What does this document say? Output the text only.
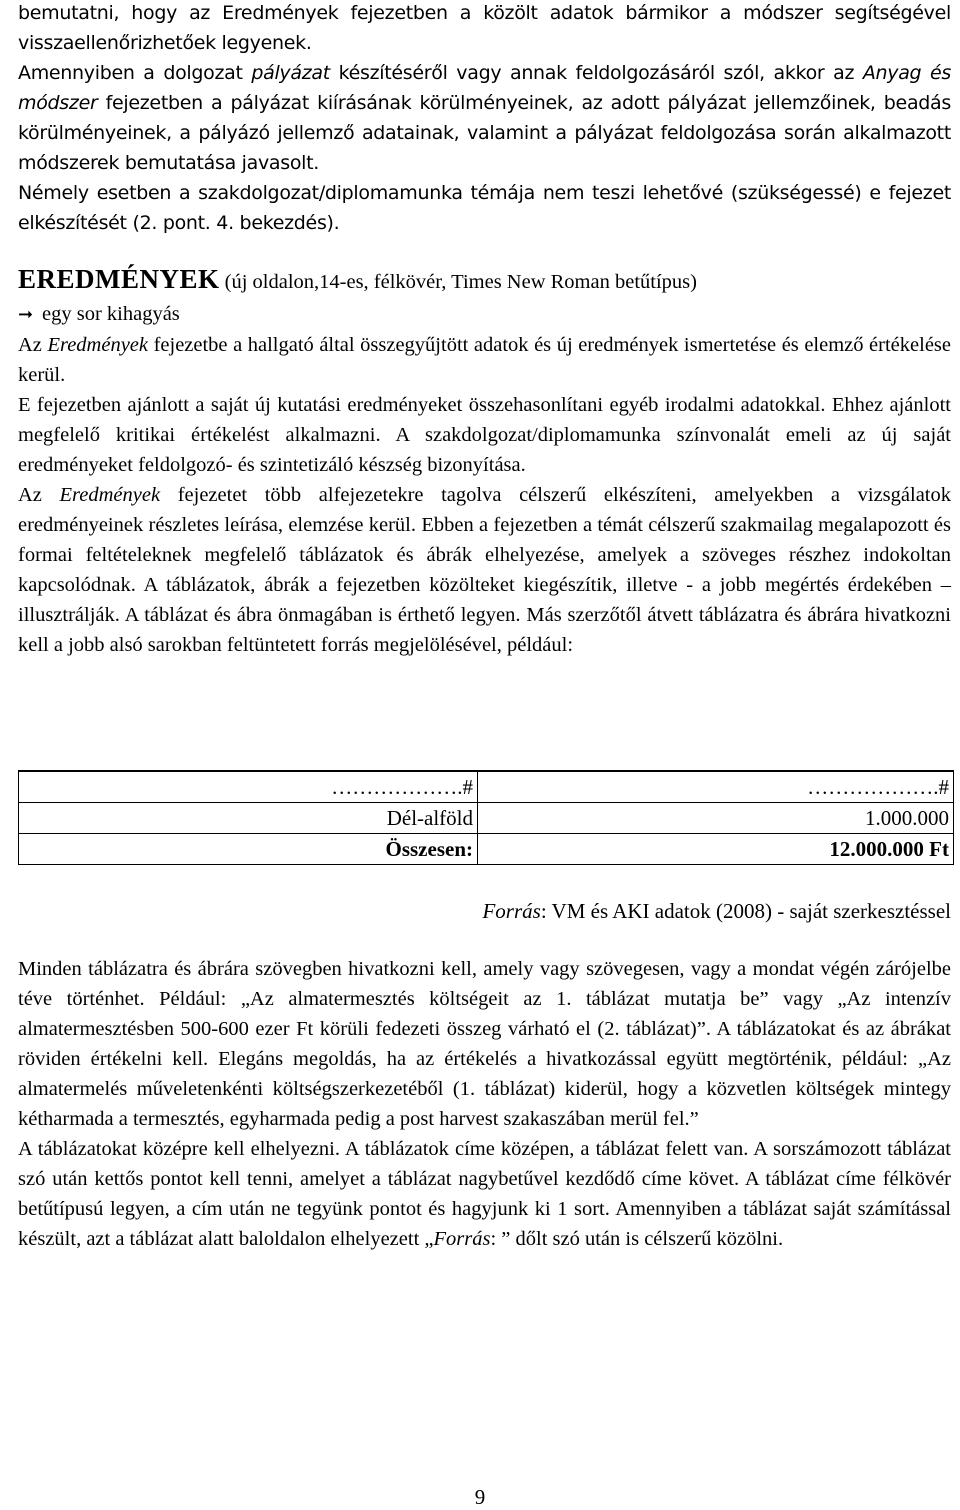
bemutatni, hogy az Eredmények fejezetben a közölt adatok bármikor a módszer segítségével visszaellenőrizhetőek legyenek.

Amennyiben a dolgozat pályázat készítéséről vagy annak feldolgozásáról szól, akkor az Anyag és módszer fejezetben a pályázat kiírásának körülményeinek, az adott pályázat jellemzőinek, beadás körülményeinek, a pályázó jellemző adatainak, valamint a pályázat feldolgozása során alkalmazott módszerek bemutatása javasolt.

Némely esetben a szakdolgozat/diplomamunka témája nem teszi lehetővé (szükségessé) e fejezet elkészítését (2. pont. 4. bekezdés).

EREDMÉNYEK (új oldalon,14-es, félkövér, Times New Roman betűtípus)
➞ egy sor kihagyás

Az Eredmények fejezetbe a hallgató által összegyűjtött adatok és új eredmények ismertetése és elemző értékelése kerül.

E fejezetben ajánlott a saját új kutatási eredményeket összehasonlítani egyéb irodalmi adatokkal. Ehhez ajánlott megfelelő kritikai értékelést alkalmazni. A szakdolgozat/diplomamunka színvonalát emeli az új saját eredményeket feldolgozó- és szintetizáló készség bizonyítása.

Az Eredmények fejezetet több alfejezetekre tagolva célszerű elkészíteni, amelyekben a vizsgálatok eredményeinek részletes leírása, elemzése kerül. Ebben a fejezetben a témát célszerű szakmailag megalapozott és formai feltételeknek megfelelő táblázatok és ábrák elhelyezése, amelyek a szöveges részhez indokoltan kapcsolódnak. A táblázatok, ábrák a fejezetben közölteket kiegészítik, illetve - a jobb megértés érdekében – illusztrálják. A táblázat és ábra önmagában is érthető legyen. Más szerzőtől átvett táblázatra és ábrára hivatkozni kell a jobb alsó sarokban feltüntetett forrás megjelölésével, például:

……………….#	……………….#
Dél-alföld	1.000.000
Összesen:	12.000.000 Ft
Forrás: VM és AKI adatok (2008) - saját szerkesztéssel

Minden táblázatra és ábrára szövegben hivatkozni kell, amely vagy szövegesen, vagy a mondat végén zárójelbe téve történhet. Például: „Az almatermesztés költségeit az 1. táblázat mutatja be” vagy „Az intenzív almatermesztésben 500-600 ezer Ft körüli fedezeti összeg várható el (2. táblázat)”. A táblázatokat és az ábrákat röviden értékelni kell. Elegáns megoldás, ha az értékelés a hivatkozással együtt megtörténik, például: „Az almatermelés műveletenkénti költségszerkezetéből (1. táblázat) kiderül, hogy a közvetlen költségek mintegy kétharmada a termesztés, egyharmada pedig a post harvest szakaszában merül fel.”

A táblázatokat középre kell elhelyezni. A táblázatok címe középen, a táblázat felett van. A sorszámozott táblázat szó után kettős pontot kell tenni, amelyet a táblázat nagybetűvel kezdődő címe követ. A táblázat címe félkövér betűtípusú legyen, a cím után ne tegyünk pontot és hagyjunk ki 1 sort. Amennyiben a táblázat saját számítással készült, azt a táblázat alatt baloldalon elhelyezett „Forrás: ” dőlt szó után is célszerű közölni.

9
